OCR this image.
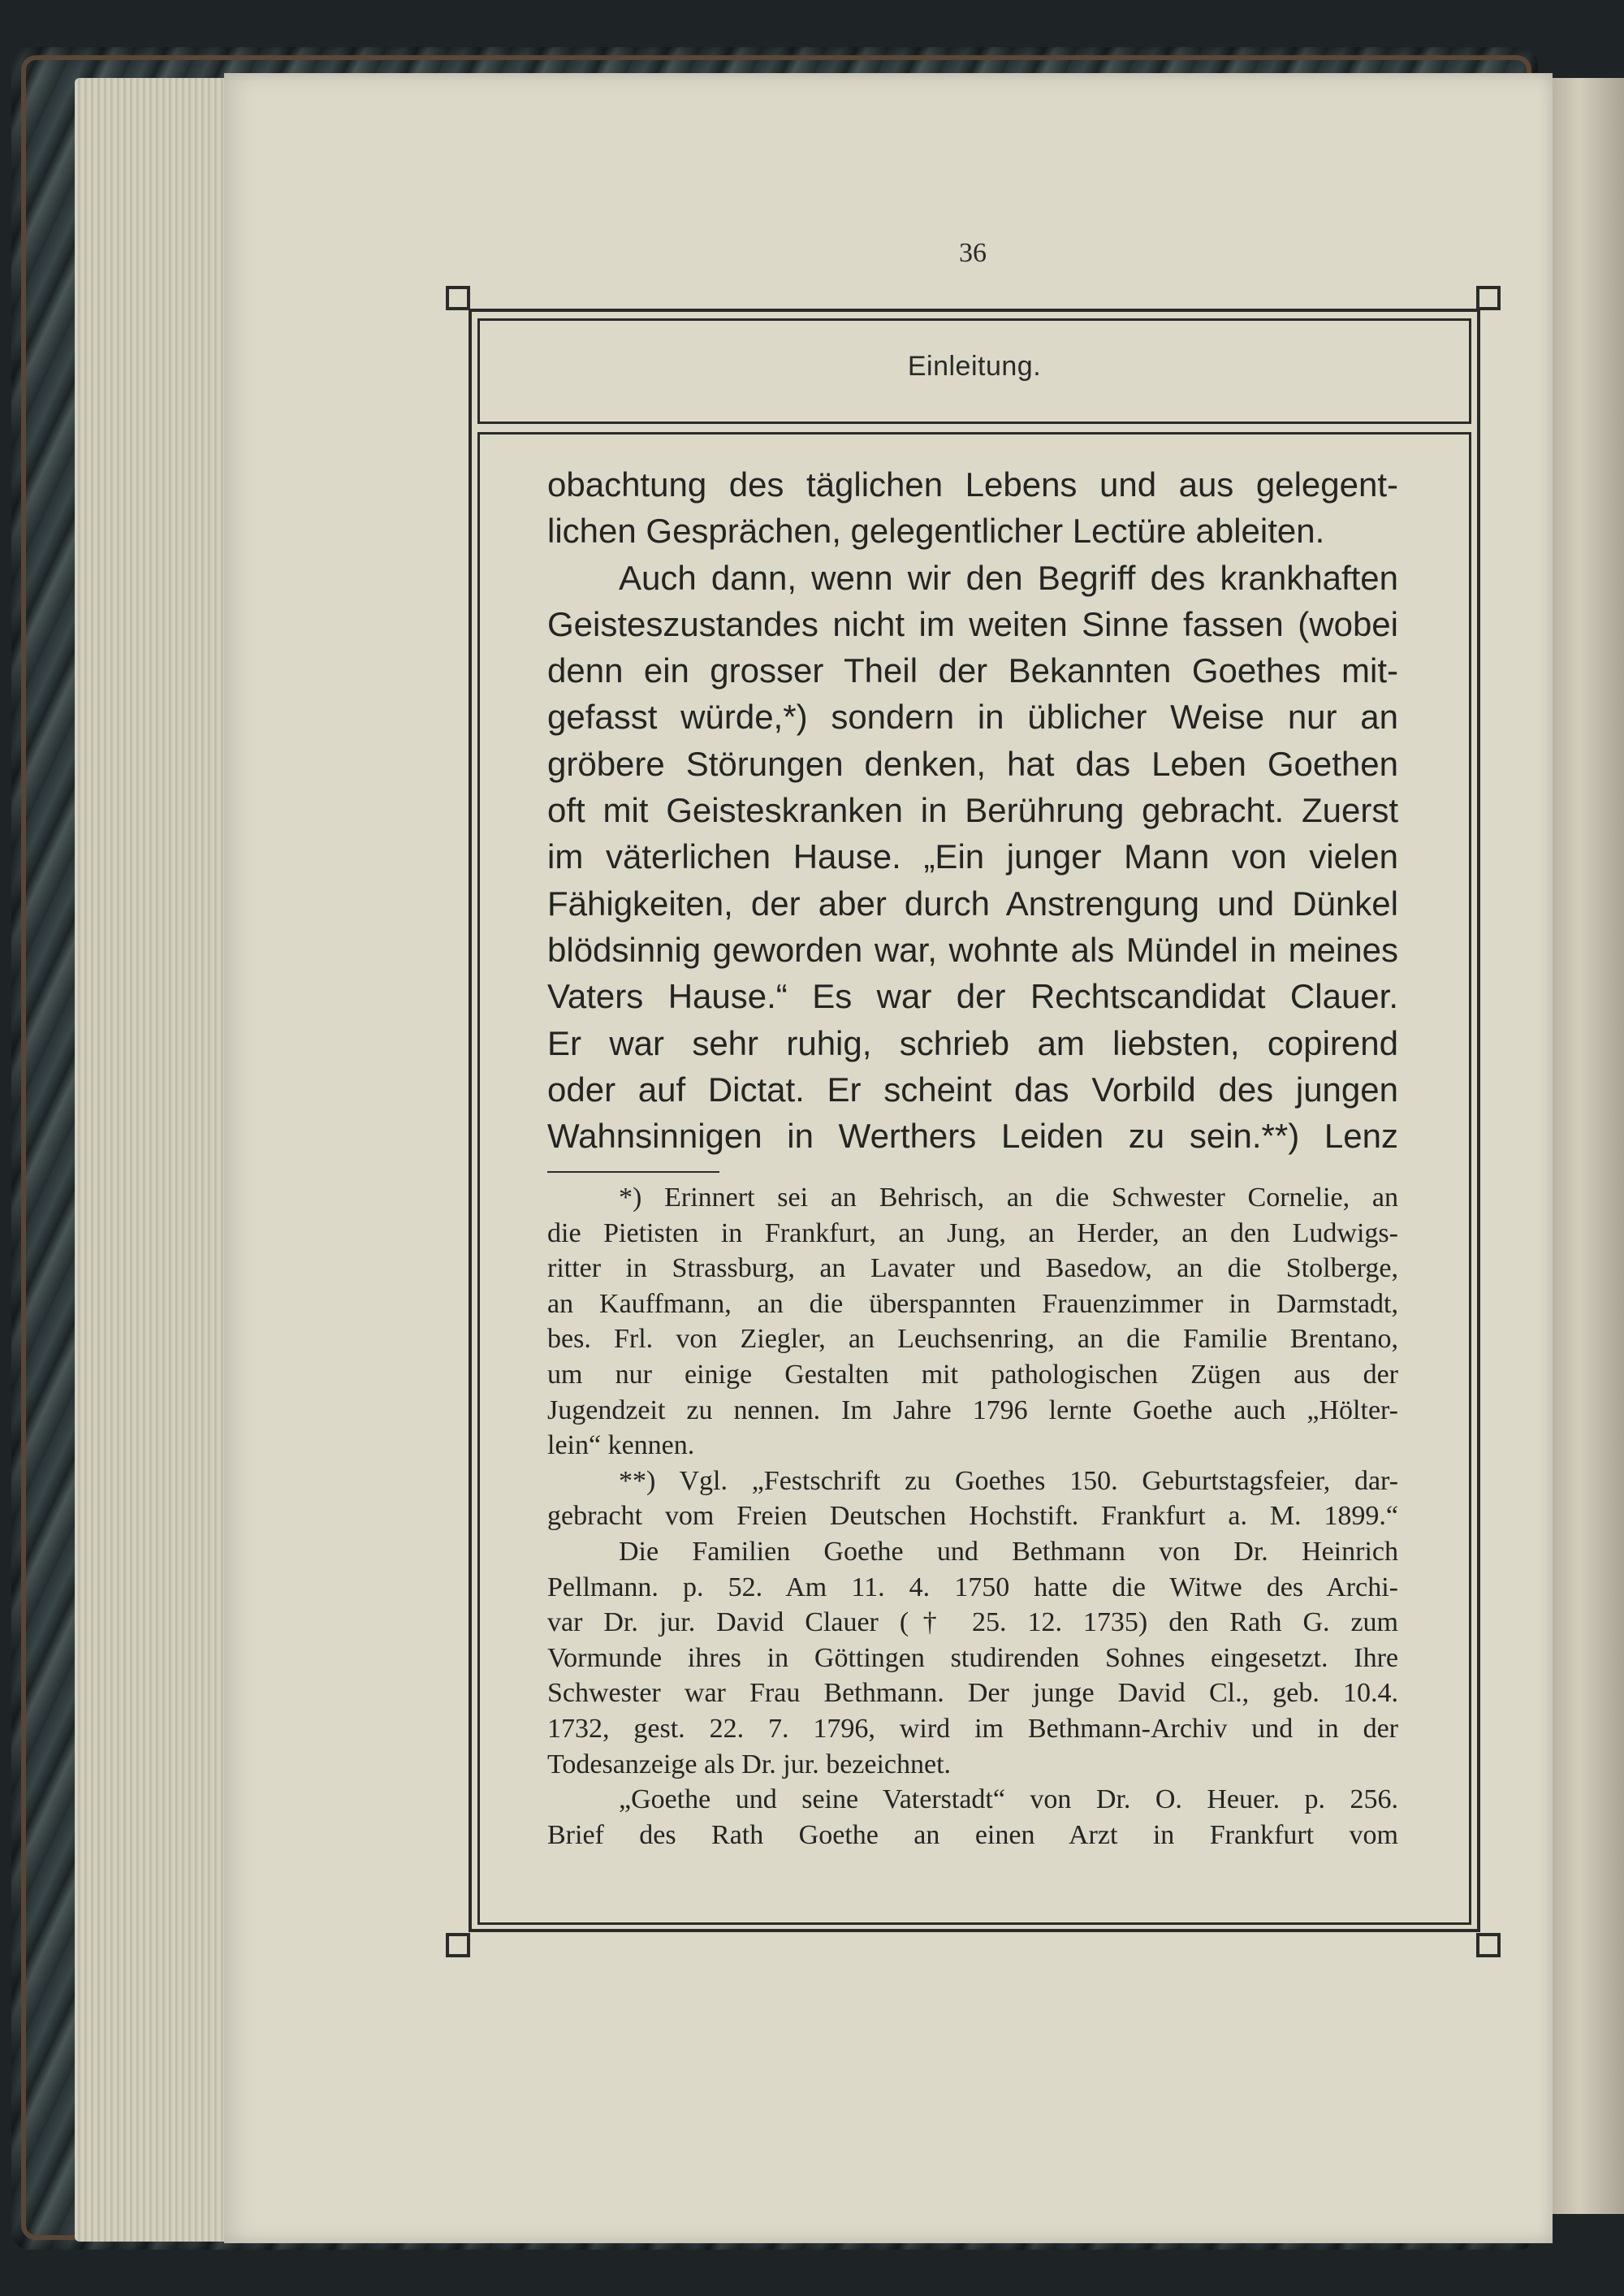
36
Einleitung.
obachtung des täglichen Lebens und aus gelegent-
lichen Gesprächen, gelegentlicher Lectüre ableiten.
Auch dann, wenn wir den Begriff des krankhaften
Geisteszustandes nicht im weiten Sinne fassen (wobei
denn ein grosser Theil der Bekannten Goethes mit-
gefasst würde,*) sondern in üblicher Weise nur an
gröbere Störungen denken, hat das Leben Goethen
oft mit Geisteskranken in Berührung gebracht. Zuerst
im väterlichen Hause. „Ein junger Mann von vielen
Fähigkeiten, der aber durch Anstrengung und Dünkel
blödsinnig geworden war, wohnte als Mündel in meines
Vaters Hause.“ Es war der Rechtscandidat Clauer.
Er war sehr ruhig, schrieb am liebsten, copirend
oder auf Dictat. Er scheint das Vorbild des jungen
Wahnsinnigen in Werthers Leiden zu sein.**) Lenz
*) Erinnert sei an Behrisch, an die Schwester Cornelie, an
die Pietisten in Frankfurt, an Jung, an Herder, an den Ludwigs-
ritter in Strassburg, an Lavater und Basedow, an die Stolberge,
an Kauffmann, an die überspannten Frauenzimmer in Darmstadt,
bes. Frl. von Ziegler, an Leuchsenring, an die Familie Brentano,
um nur einige Gestalten mit pathologischen Zügen aus der
Jugendzeit zu nennen. Im Jahre 1796 lernte Goethe auch „Hölter-
lein“ kennen.
**) Vgl. „Festschrift zu Goethes 150. Geburtstagsfeier, dar-
gebracht vom Freien Deutschen Hochstift. Frankfurt a. M. 1899.“
Die Familien Goethe und Bethmann von Dr. Heinrich
Pellmann. p. 52. Am 11. 4. 1750 hatte die Witwe des Archi-
var Dr. jur. David Clauer († 25. 12. 1735) den Rath G. zum
Vormunde ihres in Göttingen studirenden Sohnes eingesetzt. Ihre
Schwester war Frau Bethmann. Der junge David Cl., geb. 10.4.
1732, gest. 22. 7. 1796, wird im Bethmann-Archiv und in der
Todesanzeige als Dr. jur. bezeichnet.
„Goethe und seine Vaterstadt“ von Dr. O. Heuer. p. 256.
Brief des Rath Goethe an einen Arzt in Frankfurt vom
